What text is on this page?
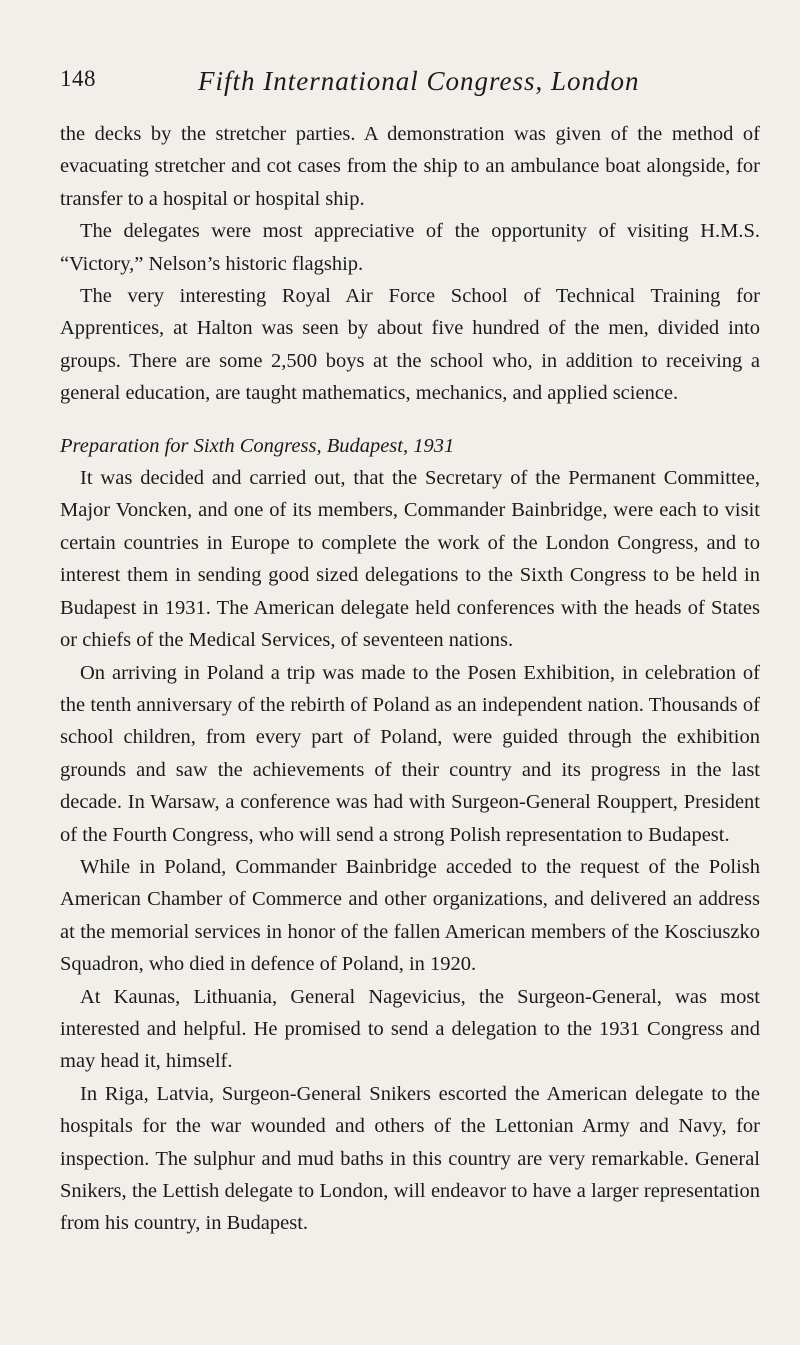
148	Fifth International Congress, London

the decks by the stretcher parties. A demonstration was given of the method of evacuating stretcher and cot cases from the ship to an ambulance boat alongside, for transfer to a hospital or hospital ship.

The delegates were most appreciative of the opportunity of visiting H.M.S. “Victory,” Nelson’s historic flagship.

The very interesting Royal Air Force School of Technical Training for Apprentices, at Halton was seen by about five hundred of the men, divided into groups. There are some 2,500 boys at the school who, in addition to receiving a general education, are taught mathematics, mechanics, and applied science.

Preparation for Sixth Congress, Budapest, 1931

It was decided and carried out, that the Secretary of the Permanent Committee, Major Voncken, and one of its members, Commander Bainbridge, were each to visit certain countries in Europe to complete the work of the London Congress, and to interest them in sending good sized delegations to the Sixth Congress to be held in Budapest in 1931. The American delegate held conferences with the heads of States or chiefs of the Medical Services, of seventeen nations.

On arriving in Poland a trip was made to the Posen Exhibition, in celebration of the tenth anniversary of the rebirth of Poland as an independent nation. Thousands of school children, from every part of Poland, were guided through the exhibition grounds and saw the achievements of their country and its progress in the last decade. In Warsaw, a conference was had with Surgeon-General Rouppert, President of the Fourth Congress, who will send a strong Polish representation to Budapest.

While in Poland, Commander Bainbridge acceded to the request of the Polish American Chamber of Commerce and other organizations, and delivered an address at the memorial services in honor of the fallen American members of the Kosciuszko Squadron, who died in defence of Poland, in 1920.

At Kaunas, Lithuania, General Nagevicius, the Surgeon-General, was most interested and helpful. He promised to send a delegation to the 1931 Congress and may head it, himself.

In Riga, Latvia, Surgeon-General Snikers escorted the American delegate to the hospitals for the war wounded and others of the Lettonian Army and Navy, for inspection. The sulphur and mud baths in this country are very remarkable. General Snikers, the Lettish delegate to London, will endeavor to have a larger representation from his country, in Budapest.
